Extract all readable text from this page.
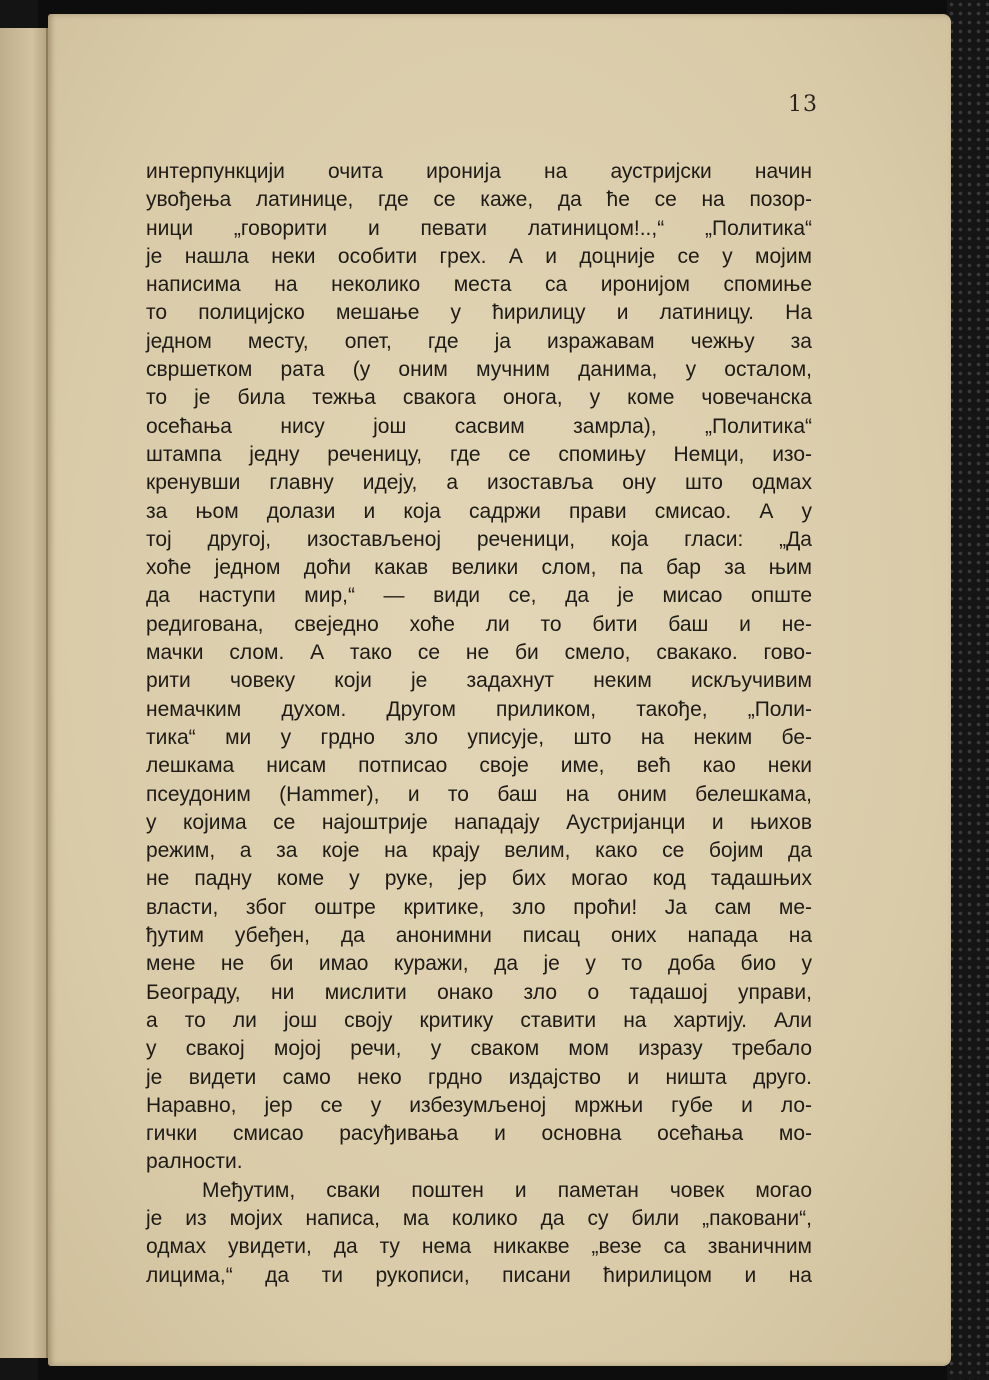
13
интерпункцији очита иронија на аустријски начин
увођења латинице, где се каже, да ће се на позор-
ници „говорити и певати латиницом!..,“ „Политика“
је нашла неки особити грех. А и доцније се у мојим
написима на неколико места са иронијом спомиње
то полицијско мешање у ћирилицу и латиницу. На
једном месту, опет, где ја изражавам чежњу за
свршетком рата (у оним мучним данима, у осталом,
то је била тежња свакога онога, у коме човечанска
осећања нису још сасвим замрла), „Политика“
штампа једну реченицу, где се спомињу Немци, изо-
кренувши главну идеју, а изостављa ону што одмах
за њом долази и која садржи прави смисао. А у
тој другој, изостављеној реченици, која гласи: „Да
хоће једном доћи какав велики слом, па бар за њим
да наступи мир,“ — види се, да је мисао опште
редигована, свеједно хоће ли то бити баш и не-
мачки слом. А тако се не би смело, свакако. гово-
рити човеку који је задахнут неким искључивим
немачким духом. Другом приликом, такође, „Поли-
тика“ ми у грдно зло уписује, што на неким бе-
лешкама нисам потписао своје име, већ као неки
псеудоним (Hammer), и то баш на оним белешкама,
у којима се најоштрије нападају Аустријанци и њихов
режим, а за које на крају велим, како се бојим да
не падну коме у руке, јер бих могао код тадашњих
власти, због оштре критике, зло проћи! Ја сам ме-
ђутим убеђен, да анонимни писац оних напада на
мене не би имао куражи, да је у то доба био у
Београду, ни мислити онако зло о тадашој управи,
а то ли још своју критику ставити на хартију. Али
у свакој мојој речи, у сваком мом изразу требало
је видети само неко грдно издајство и ништа друго.
Наравно, јер се у избезумљеној мржњи губе и ло-
гички смисао расуђивања и основна осећања мо-
ралности.
Међутим, сваки поштен и паметан човек могао
је из мојих написа, ма колико да су били „паковани“,
одмах увидети, да ту нема никакве „везе са званичним
лицима,“ да ти рукописи, писани ћирилицом и на
